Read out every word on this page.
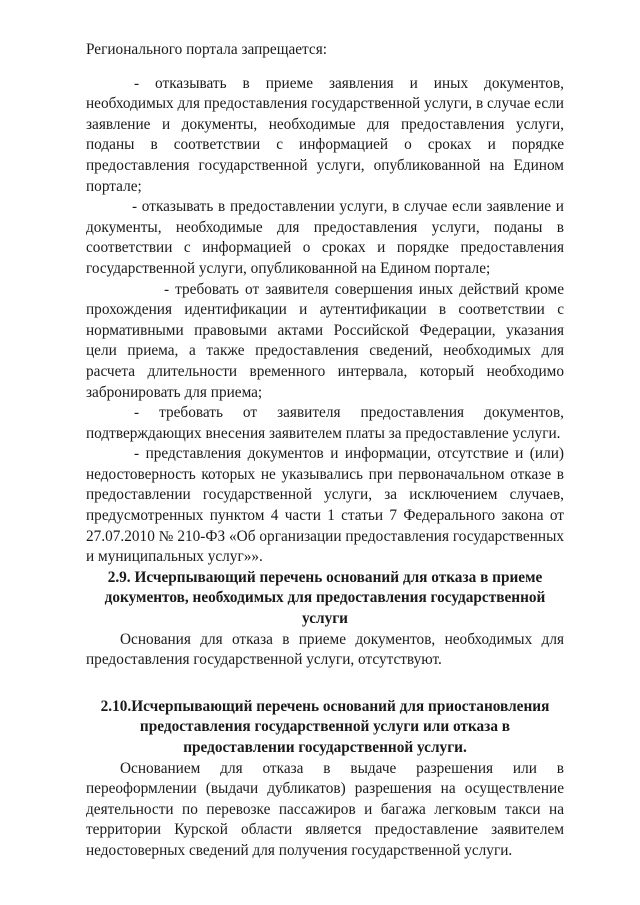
Регионального портала запрещается:

- отказывать в приеме заявления и иных документов, необходимых для предоставления государственной услуги, в случае если заявление и документы, необходимые для предоставления услуги, поданы в соответствии с информацией о сроках и порядке предоставления государственной услуги, опубликованной на Едином портале;

- отказывать в предоставлении услуги, в случае если заявление и документы, необходимые для предоставления услуги, поданы в соответствии с информацией о сроках и порядке предоставления государственной услуги, опубликованной на Едином портале;

- требовать от заявителя совершения иных действий кроме прохождения идентификации и аутентификации в соответствии с нормативными правовыми актами Российской Федерации, указания цели приема, а также предоставления сведений, необходимых для расчета длительности временного интервала, который необходимо забронировать для приема;

- требовать от заявителя предоставления документов, подтверждающих внесения заявителем платы за предоставление услуги.

- представления документов и информации, отсутствие и (или) недостоверность которых не указывались при первоначальном отказе в предоставлении государственной услуги, за исключением случаев, предусмотренных пунктом 4 части 1 статьи 7 Федерального закона от 27.07.2010 № 210-ФЗ «Об организации предоставления государственных и муниципальных услуг»».

2.9. Исчерпывающий перечень оснований для отказа в приеме документов, необходимых для предоставления государственной услуги

Основания для отказа в приеме документов, необходимых для предоставления государственной услуги, отсутствуют.

2.10.Исчерпывающий перечень оснований для приостановления предоставления государственной услуги или отказа в предоставлении государственной услуги.

Основанием для отказа в выдаче разрешения или в переоформлении (выдачи дубликатов) разрешения на осуществление деятельности по перевозке пассажиров и багажа легковым такси на территории Курской области является предоставление заявителем недостоверных сведений для получения государственной услуги.
